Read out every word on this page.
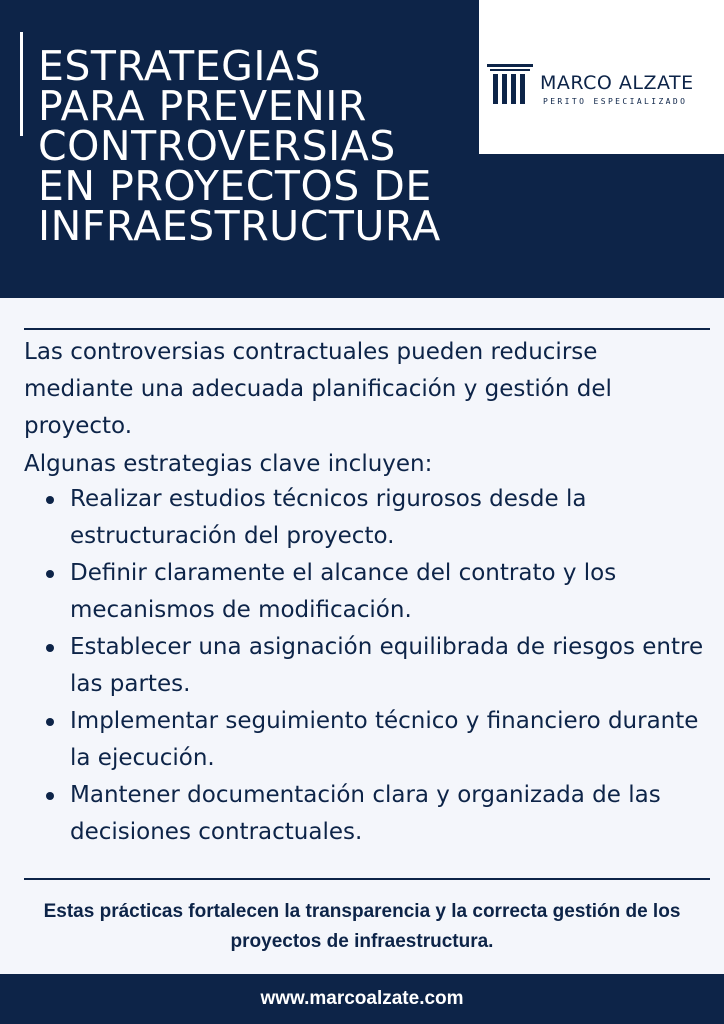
ESTRATEGIAS
PARA PREVENIR
CONTROVERSIAS
EN PROYECTOS DE
INFRAESTRUCTURA
MARCO ALZATE
PERITO ESPECIALIZADO

Las controversias contractuales pueden reducirse mediante una adecuada planificación y gestión del proyecto.

Algunas estrategias clave incluyen:

Realizar estudios técnicos rigurosos desde la estructuración del proyecto.
Definir claramente el alcance del contrato y los mecanismos de modificación.
Establecer una asignación equilibrada de riesgos entre las partes.
Implementar seguimiento técnico y financiero durante la ejecución.
Mantener documentación clara y organizada de las decisiones contractuales.

Estas prácticas fortalecen la transparencia y la correcta gestión de los proyectos de infraestructura.

www.marcoalzate.com
